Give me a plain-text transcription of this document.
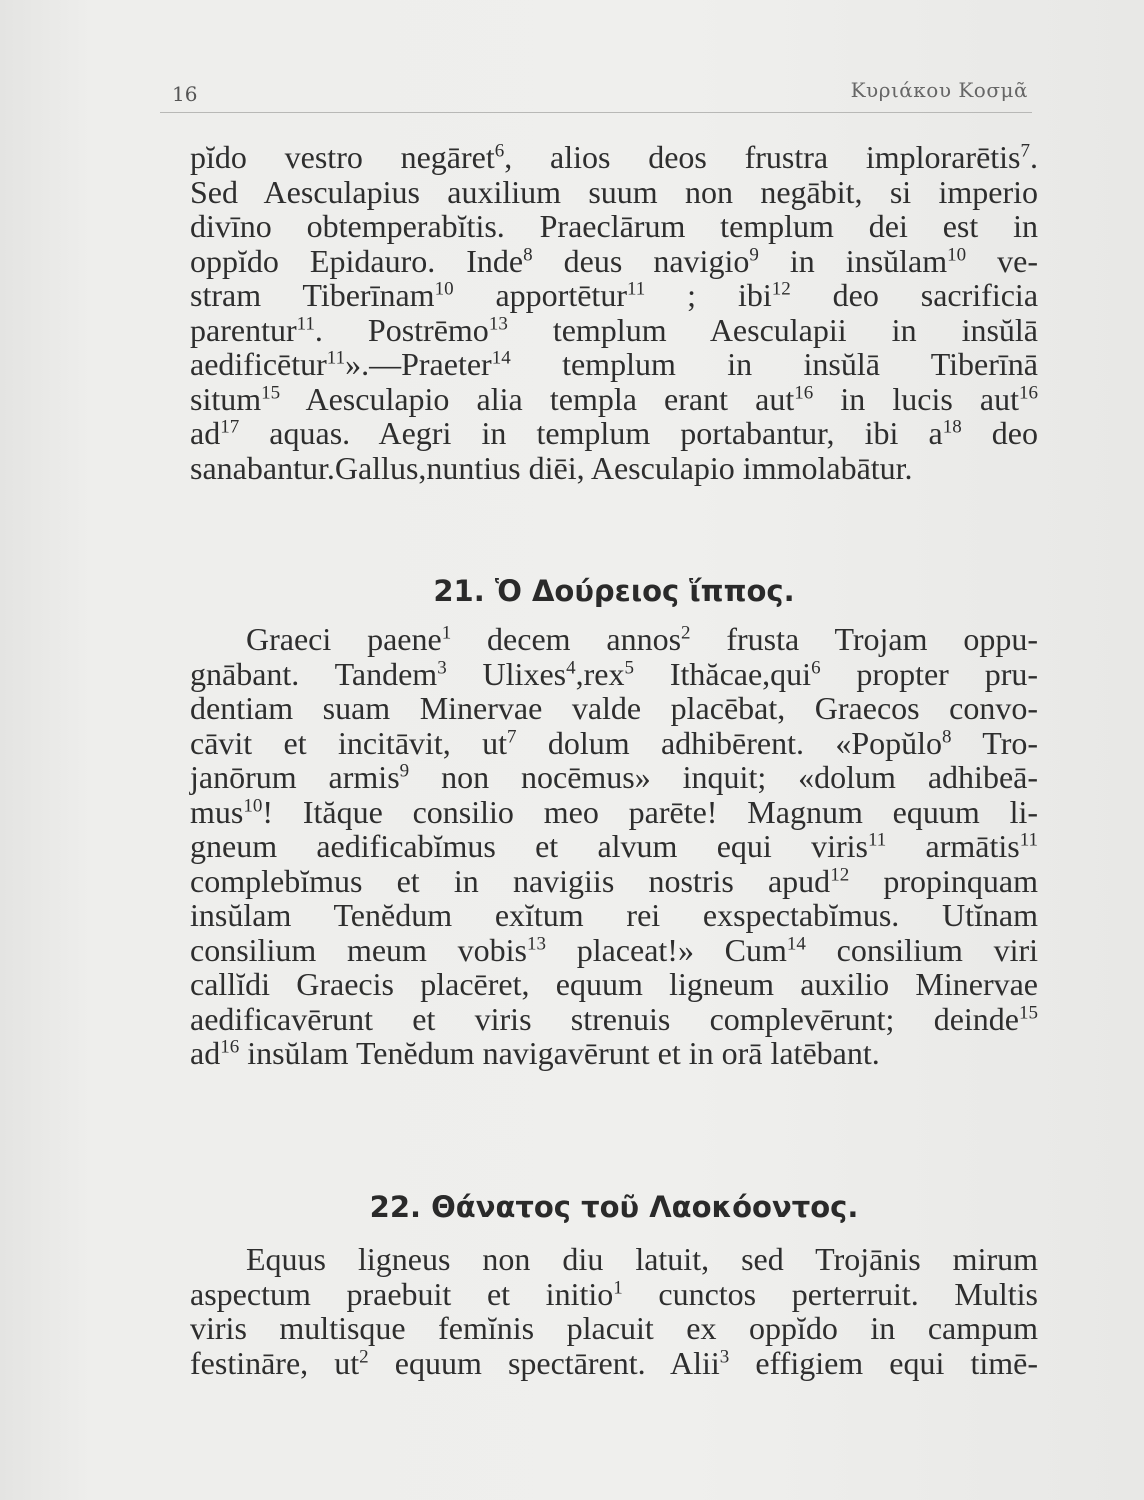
16	Κυριάκου Κοσμᾶ
pĭdo vestro negāret$^6$, alios deos frustra implorarētis$^7$.
Sed Aesculapius auxilium suum non negābit, si imperio
divīno obtemperabĭtis. Praeclārum templum dei est in
oppĭdo Epidauro. Inde$^8$ deus navigio$^9$ in insŭlam$^{10}$ ve-
stram Tiberīnam$^{10}$ apportētur$^{11}$ ; ibi$^{12}$ deo sacrificia
parentur$^{11}$. Postrēmo$^{13}$ templum Aesculapii in insŭlā
aedificētur$^{11}$».—Praeter$^{14}$ templum in insŭlā Tiberīnā
situm$^{15}$ Aesculapio alia templa erant aut$^{16}$ in lucis aut$^{16}$
$ad^{17}$ aquas. Aegri in templum portabantur, ibi $a^{18}$ deo
sanabantur.Gallus,nuntius diēi, Aesculapio immolabātur.
21. Ὁ Δούρειος ἵππος.
Graeci paene$^1$ decem annos$^2$ frusta Trojam oppu-
gnābant. Tandem$^3$ Ulixes$^4$,rex$^5$ Ithăcae,qui$^6$ propter pru-
dentiam suam Minervae valde placēbat, Graecos convo-
cāvit et incitāvit, $ut^7$ dolum adhibērent. «Popŭlo$^8$ Tro-
janōrum armis$^9$ non nocēmus» inquit; «dolum adhibeā-
mus$^{10}$! Ităque consilio meo parēte! Magnum equum li-
gneum aedificabĭmus et alvum equi viris$^{11}$ armātis$^{11}$
complebĭmus et in navigiis nostris apud$^{12}$ propinquam
insŭlam Tenĕdum exĭtum rei exspectabĭmus. Utĭnam
consilium meum vobis$^{13}$ placeat!» Cum$^{14}$ consilium viri
callĭdi Graecis placēret, equum ligneum auxilio Minervae
aedificavērunt et viris strenuis complevērunt; deinde$^{15}$
$ad^{16}$ insŭlam Tenĕdum navigavērunt et in orā latēbant.
22. Θάνατος τοῦ Λαοκόοντος.
Equus ligneus non diu latuit, sed Trojānis mirum
aspectum praebuit et initio$^1$ cunctos perterruit. Multis
viris multisque femĭnis placuit ex oppĭdo in campum
festināre, $ut^2$ equum spectārent. Alii$^3$ effigiem equi timē-
